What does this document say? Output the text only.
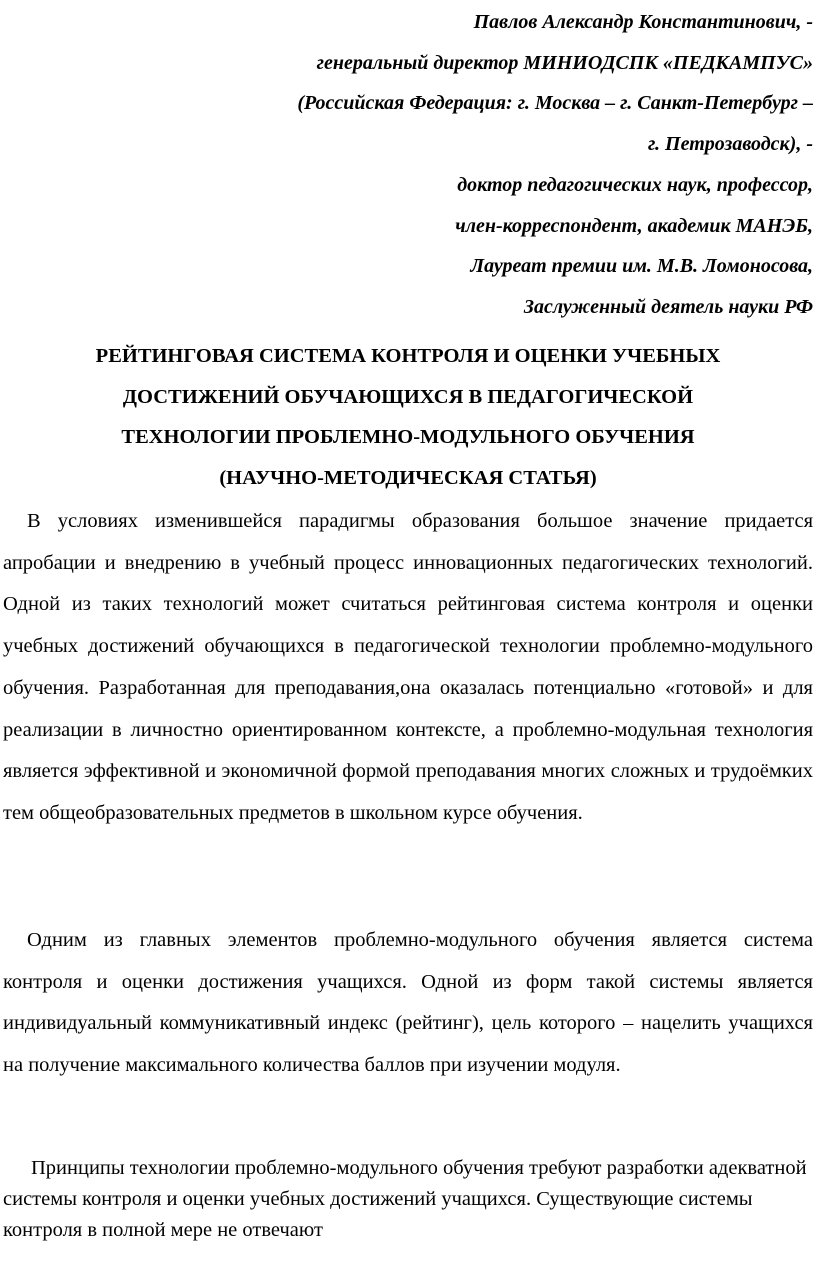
Павлов Александр Константинович, -
генеральный директор МИНИОДСПК «ПЕДКАМПУС»
(Российская Федерация: г. Москва – г. Санкт-Петербург –
г. Петрозаводск), -
доктор педагогических наук, профессор,
член-корреспондент, академик МАНЭБ,
Лауреат премии им. М.В. Ломоносова,
Заслуженный деятель науки РФ
РЕЙТИНГОВАЯ СИСТЕМА КОНТРОЛЯ И ОЦЕНКИ УЧЕБНЫХ
ДОСТИЖЕНИЙ ОБУЧАЮЩИХСЯ В ПЕДАГОГИЧЕСКОЙ
ТЕХНОЛОГИИ ПРОБЛЕМНО-МОДУЛЬНОГО ОБУЧЕНИЯ
(НАУЧНО-МЕТОДИЧЕСКАЯ СТАТЬЯ)

В условиях изменившейся парадигмы образования большое значение придается апробации и внедрению в учебный процесс инновационных педагогических технологий. Одной из таких технологий может считаться рейтинговая система контроля и оценки учебных достижений обучающихся в педагогической технологии проблемно-модульного обучения. Разработанная для преподавания,она оказалась потенциально «готовой» и для реализации в личностно ориентированном контексте, а проблемно-модульная технология является эффективной и экономичной формой преподавания многих сложных и трудоёмких тем общеобразовательных предметов в школьном курсе обучения.

Одним из главных элементов проблемно-модульного обучения является система контроля и оценки достижения учащихся. Одной из форм такой системы является индивидуальный коммуникативный индекс (рейтинг), цель которого – нацелить учащихся на получение максимального количества баллов при изучении модуля.

Принципы технологии проблемно-модульного обучения требуют разработки адекватной системы контроля и оценки учебных достижений учащихся. Существующие системы контроля в полной мере не отвечают
